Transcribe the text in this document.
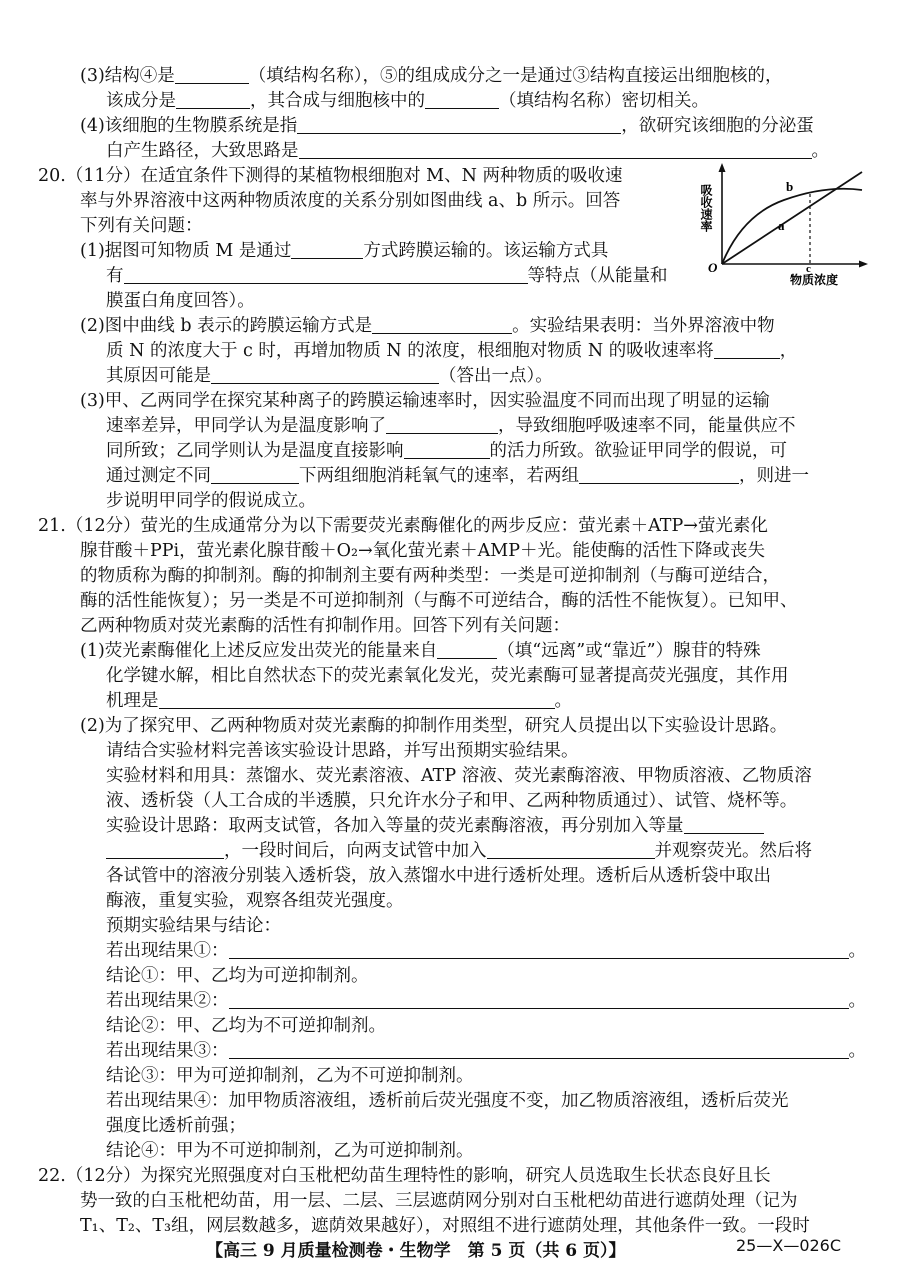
(3)结构④是	（填结构名称），⑤的组成成分之一是通过③结构直接运出细胞核的，
该成分是	，其合成与细胞核中的	（填结构名称）密切相关。
(4)该细胞的生物膜系统是指	，欲研究该细胞的分泌蛋
白产生路径，大致思路是	。
20.（11分）在适宜条件下测得的某植物根细胞对 M、N 两种物质的吸收速
率与外界溶液中这两种物质浓度的关系分别如图曲线 a、b 所示。回答
下列有关问题：
(1)据图可知物质 M 是通过	方式跨膜运输的。该运输方式具
有	等特点（从能量和
膜蛋白角度回答）。
吸收速率	b
a
c
O
物质浓度
(2)图中曲线 b 表示的跨膜运输方式是	。实验结果表明：当外界溶液中物
质 N 的浓度大于 c 时，再增加物质 N 的浓度，根细胞对物质 N 的吸收速率将	，
其原因可能是	（答出一点）。
(3)甲、乙两同学在探究某种离子的跨膜运输速率时，因实验温度不同而出现了明显的运输
速率差异，甲同学认为是温度影响了	，导致细胞呼吸速率不同，能量供应不
同所致；乙同学则认为是温度直接影响	的活力所致。欲验证甲同学的假说，可
通过测定不同	下两组细胞消耗氧气的速率，若两组	，则进一
步说明甲同学的假说成立。
21.（12分）萤光的生成通常分为以下需要荧光素酶催化的两步反应：萤光素＋ATP→萤光素化
腺苷酸＋PPi，萤光素化腺苷酸＋O₂→氧化萤光素＋AMP＋光。能使酶的活性下降或丧失
的物质称为酶的抑制剂。酶的抑制剂主要有两种类型：一类是可逆抑制剂（与酶可逆结合，
酶的活性能恢复）；另一类是不可逆抑制剂（与酶不可逆结合，酶的活性不能恢复）。已知甲、
乙两种物质对荧光素酶的活性有抑制作用。回答下列有关问题：
(1)荧光素酶催化上述反应发出荧光的能量来自	（填“远离”或“靠近”）腺苷的特殊
化学键水解，相比自然状态下的荧光素氧化发光，荧光素酶可显著提高荧光强度，其作用
机理是	。
(2)为了探究甲、乙两种物质对荧光素酶的抑制作用类型，研究人员提出以下实验设计思路。
请结合实验材料完善该实验设计思路，并写出预期实验结果。
实验材料和用具：蒸馏水、荧光素溶液、ATP 溶液、荧光素酶溶液、甲物质溶液、乙物质溶
液、透析袋（人工合成的半透膜，只允许水分子和甲、乙两种物质通过）、试管、烧杯等。
实验设计思路：取两支试管，各加入等量的荧光素酶溶液，再分别加入等量
，一段时间后，向两支试管中加入	并观察荧光。然后将
各试管中的溶液分别装入透析袋，放入蒸馏水中进行透析处理。透析后从透析袋中取出
酶液，重复实验，观察各组荧光强度。
预期实验结果与结论：
若出现结果①：	。
结论①：甲、乙均为可逆抑制剂。
若出现结果②：	。
结论②：甲、乙均为不可逆抑制剂。
若出现结果③：	。
结论③：甲为可逆抑制剂，乙为不可逆抑制剂。
若出现结果④：加甲物质溶液组，透析前后荧光强度不变，加乙物质溶液组，透析后荧光
强度比透析前强；
结论④：甲为不可逆抑制剂，乙为可逆抑制剂。
22.（12分）为探究光照强度对白玉枇杷幼苗生理特性的影响，研究人员选取生长状态良好且长
势一致的白玉枇杷幼苗，用一层、二层、三层遮荫网分别对白玉枇杷幼苗进行遮荫处理（记为
T₁、T₂、T₃组，网层数越多，遮荫效果越好），对照组不进行遮荫处理，其他条件一致。一段时
【高三 9 月质量检测卷・生物学　第 5 页（共 6 页）】	25—X—026C
